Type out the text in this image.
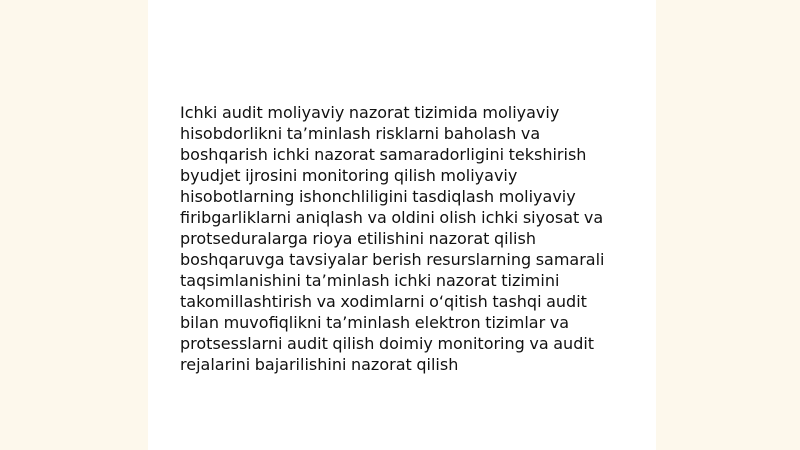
Ichki audit moliyaviy nazorat tizimida moliyaviy hisobdorlikni ta’minlash risklarni baholash va boshqarish ichki nazorat samaradorligini tekshirish byudjet ijrosini monitoring qilish moliyaviy hisobotlarning ishonchliligini tasdiqlash moliyaviy firibgarliklarni aniqlash va oldini olish ichki siyosat va protseduralarga rioya etilishini nazorat qilish boshqaruvga tavsiyalar berish resurslarning samarali taqsimlanishini ta’minlash ichki nazorat tizimini takomillashtirish va xodimlarni o‘qitish tashqi audit bilan muvofiqlikni ta’minlash elektron tizimlar va protsesslarni audit qilish doimiy monitoring va audit rejalarini bajarilishini nazorat qilish
